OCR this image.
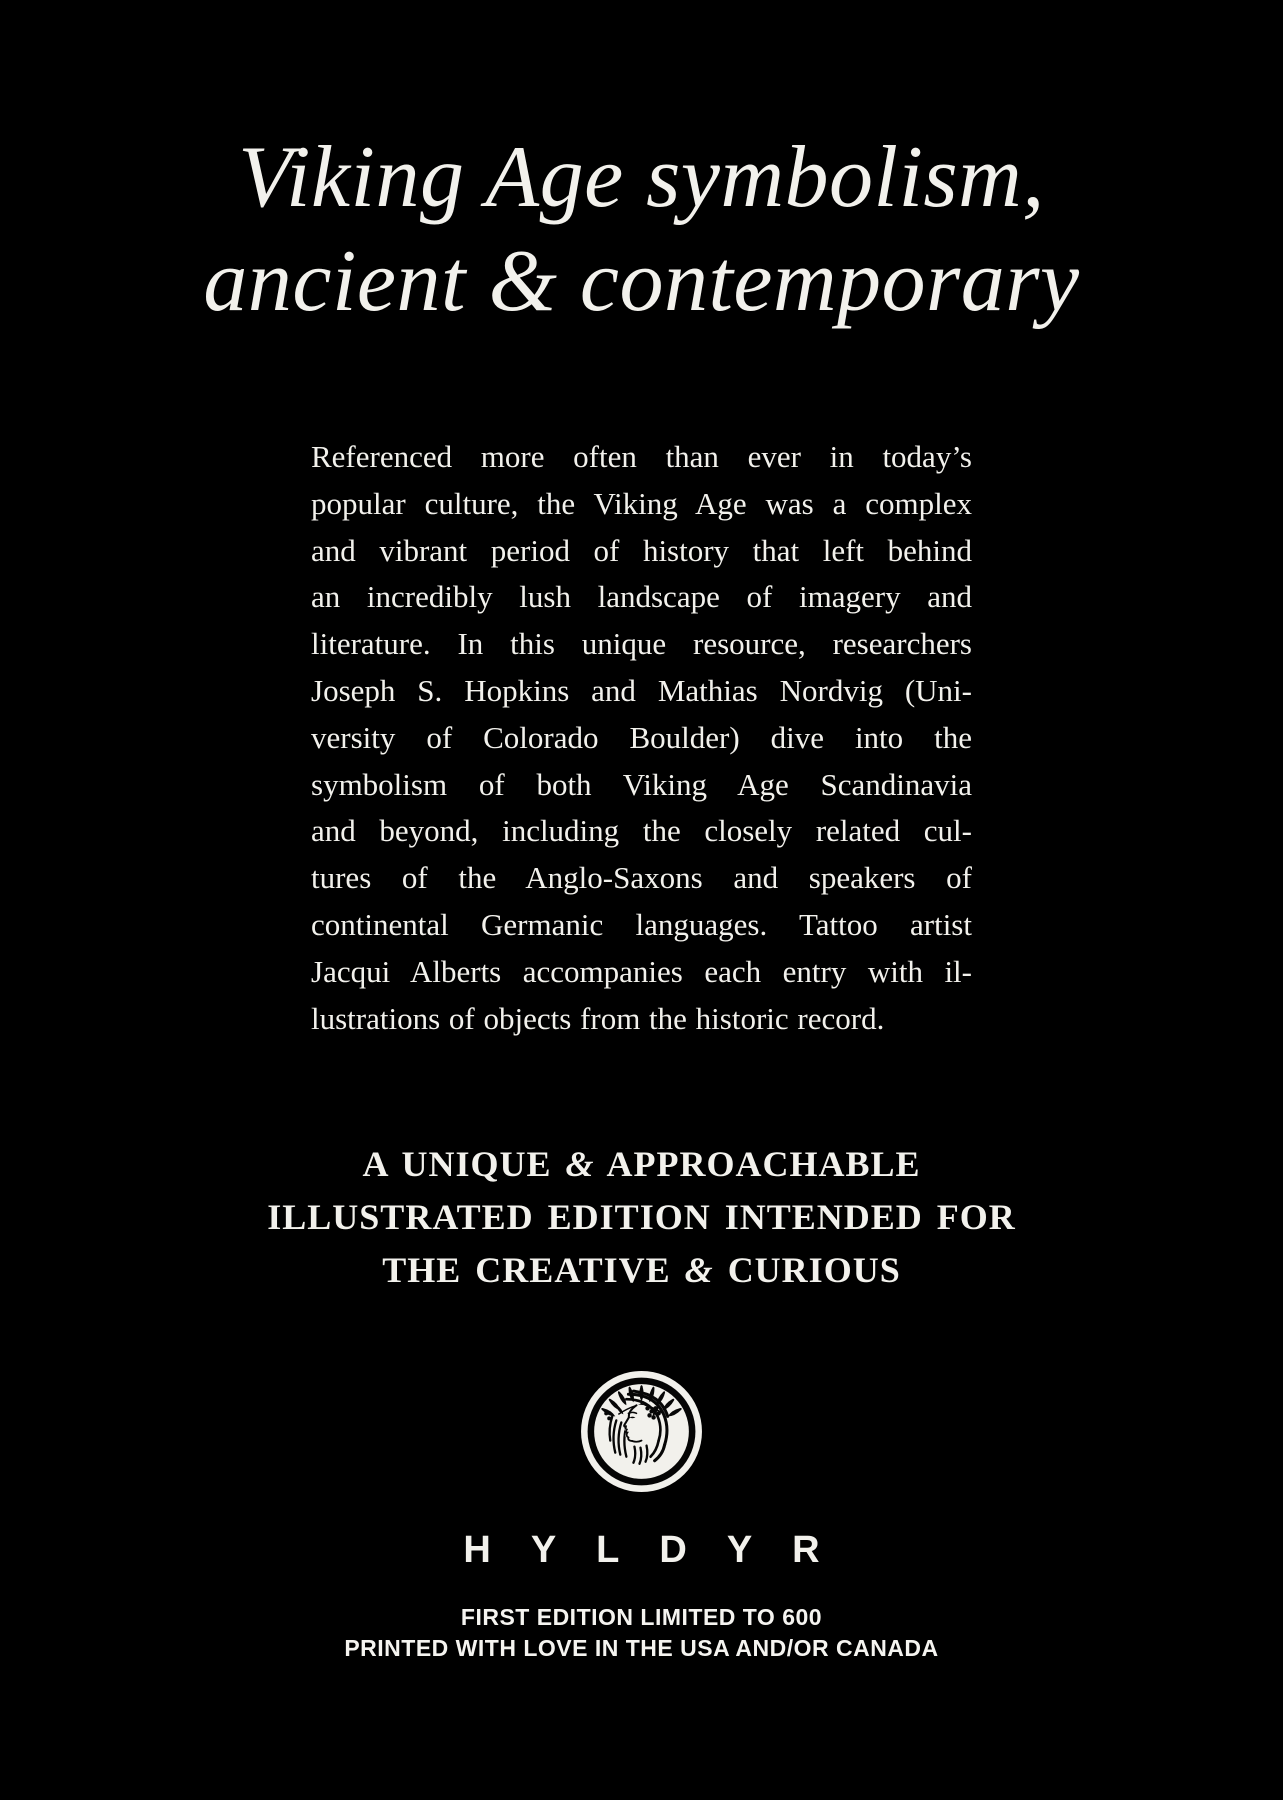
Viking Age symbolism,
ancient & contemporary
Referenced more often than ever in today’s
popular culture, the Viking Age was a complex
and vibrant period of history that left behind
an incredibly lush landscape of imagery and
literature. In this unique resource, researchers
Joseph S. Hopkins and Mathias Nordvig (Uni-
versity of Colorado Boulder) dive into the
symbolism of both Viking Age Scandinavia
and beyond, including the closely related cul-
tures of the Anglo-Saxons and speakers of
continental Germanic languages. Tattoo artist
Jacqui Alberts accompanies each entry with il-
lustrations of objects from the historic record.
A UNIQUE & APPROACHABLE
ILLUSTRATED EDITION INTENDED FOR
THE CREATIVE & CURIOUS
HYLDYR
FIRST EDITION LIMITED TO 600
PRINTED WITH LOVE IN THE USA AND/OR CANADA
